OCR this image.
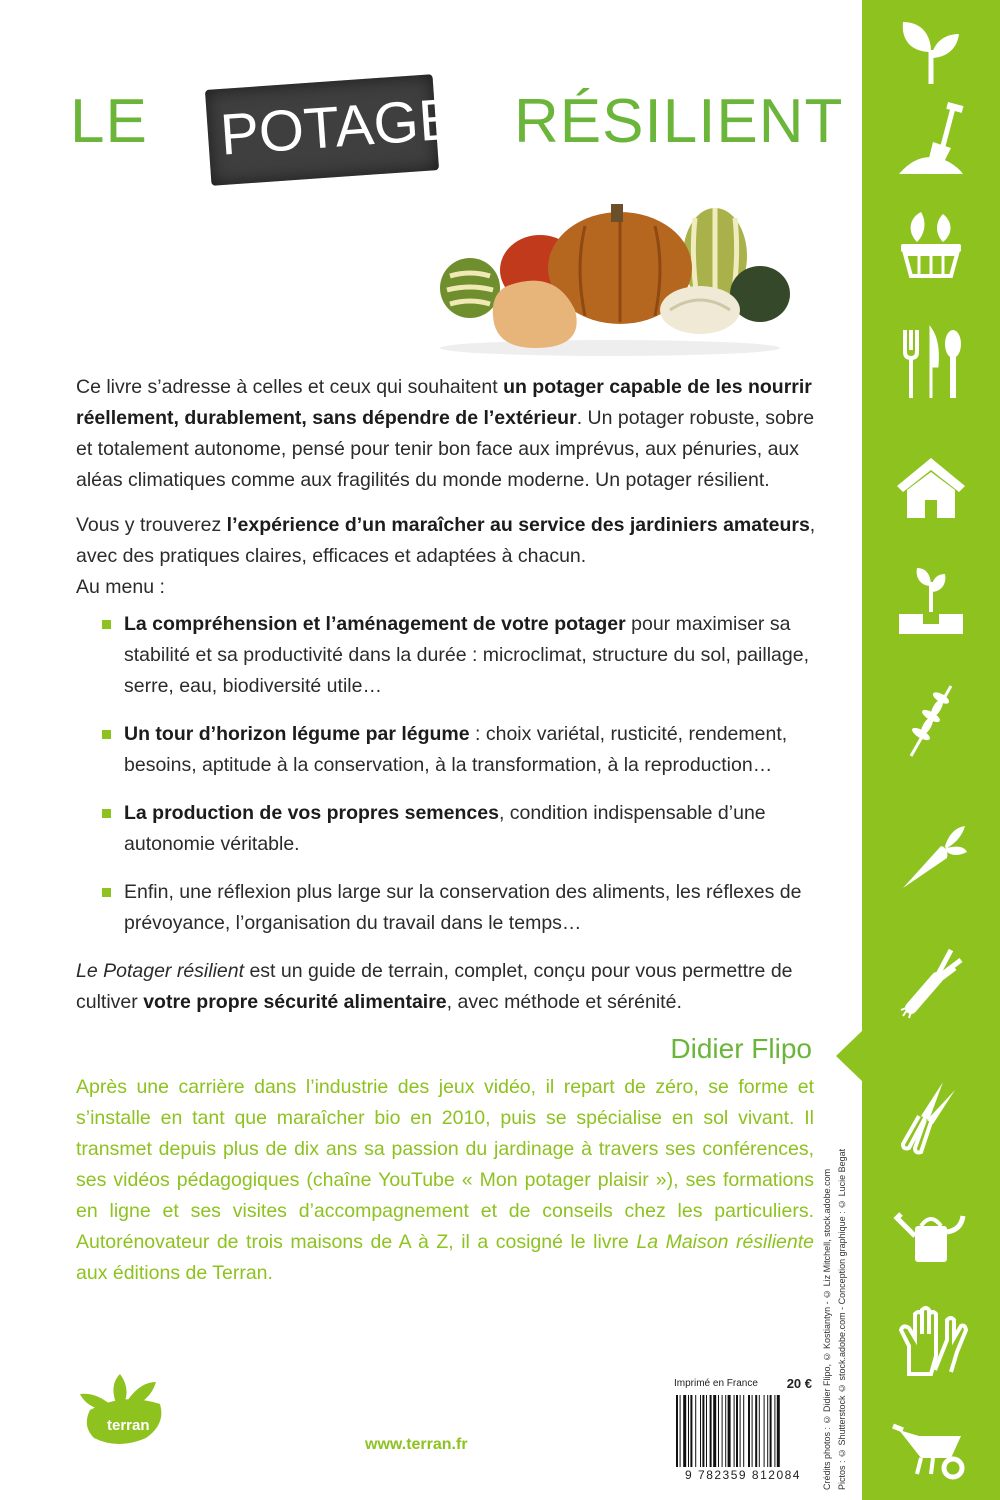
Crédits photos : © Didier Flipo, © Kostiantyn - © Liz Mitchell, stock.adobe.com Pictos : © Shutterstock © stock.adobe.com - Conception graphique : © Lucie Begat
LE POTAGER RÉSILIENT

Ce livre s’adresse à celles et ceux qui souhaitent un potager capable de les nourrir réellement, durablement, sans dépendre de l’extérieur. Un potager robuste, sobre et totalement autonome, pensé pour tenir bon face aux imprévus, aux pénuries, aux aléas climatiques comme aux fragilités du monde moderne. Un potager résilient.

Vous y trouverez l’expérience d’un maraîcher au service des jardiniers amateurs, avec des pratiques claires, efficaces et adaptées à chacun.

Au menu :

La compréhension et l’aménagement de votre potager pour maximiser sa stabilité et sa productivité dans la durée : microclimat, structure du sol, paillage, serre, eau, biodiversité utile…
Un tour d’horizon légume par légume : choix variétal, rusticité, rendement, besoins, aptitude à la conservation, à la transformation, à la reproduction…
La production de vos propres semences, condition indispensable d’une autonomie véritable.
Enfin, une réflexion plus large sur la conservation des aliments, les réflexes de prévoyance, l’organisation du travail dans le temps…

Le Potager résilient est un guide de terrain, complet, conçu pour vous permettre de cultiver votre propre sécurité alimentaire, avec méthode et sérénité.

Didier Flipo
Après une carrière dans l’industrie des jeux vidéo, il repart de zéro, se forme et s’installe en tant que maraîcher bio en 2010, puis se spécialise en sol vivant. Il transmet depuis plus de dix ans sa passion du jardinage à travers ses conférences, ses vidéos pédagogiques (chaîne YouTube « Mon potager plaisir »), ses formations en ligne et ses visites d’accompagnement et de conseils chez les particuliers. Autorénovateur de trois maisons de A à Z, il a cosigné le livre La Maison résiliente aux éditions de Terran.
terran
www.terran.fr
Imprimé en France 20 €
9 782359 812084
